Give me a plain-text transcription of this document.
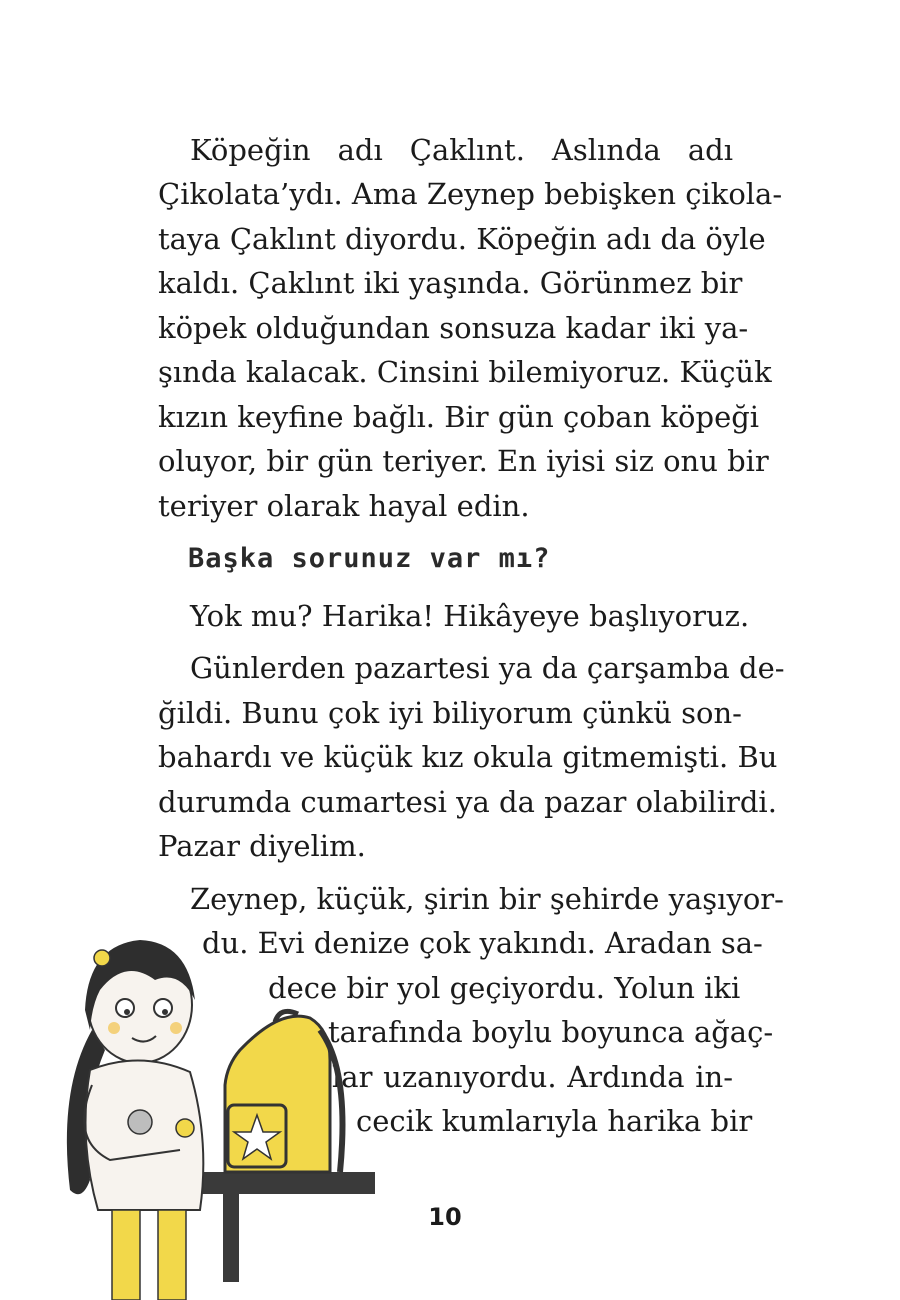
Köpeğin adı Çaklınt. Aslında adı
Çikolata’ydı. Ama Zeynep bebişken çikola-
taya Çaklınt diyordu. Köpeğin adı da öyle
kaldı. Çaklınt iki yaşında. Görünmez bir
köpek olduğundan sonsuza kadar iki ya-
şında kalacak. Cinsini bilemiyoruz. Küçük
kızın keyfine bağlı. Bir gün çoban köpeği
oluyor, bir gün teriyer. En iyisi siz onu bir
teriyer olarak hayal edin.
Başka sorunuz var mı?
Yok mu? Harika! Hikâyeye başlıyoruz.
Günlerden pazartesi ya da çarşamba de-
ğildi. Bunu çok iyi biliyorum çünkü son-
bahardı ve küçük kız okula gitmemişti. Bu
durumda cumartesi ya da pazar olabilirdi.
Pazar diyelim.
Zeynep, küçük, şirin bir şehirde yaşıyor-
du. Evi denize çok yakındı. Aradan sa-
dece bir yol geçiyordu. Yolun iki
tarafında boylu boyunca ağaç-
lar uzanıyordu. Ardında in-
cecik kumlarıyla harika bir
10
